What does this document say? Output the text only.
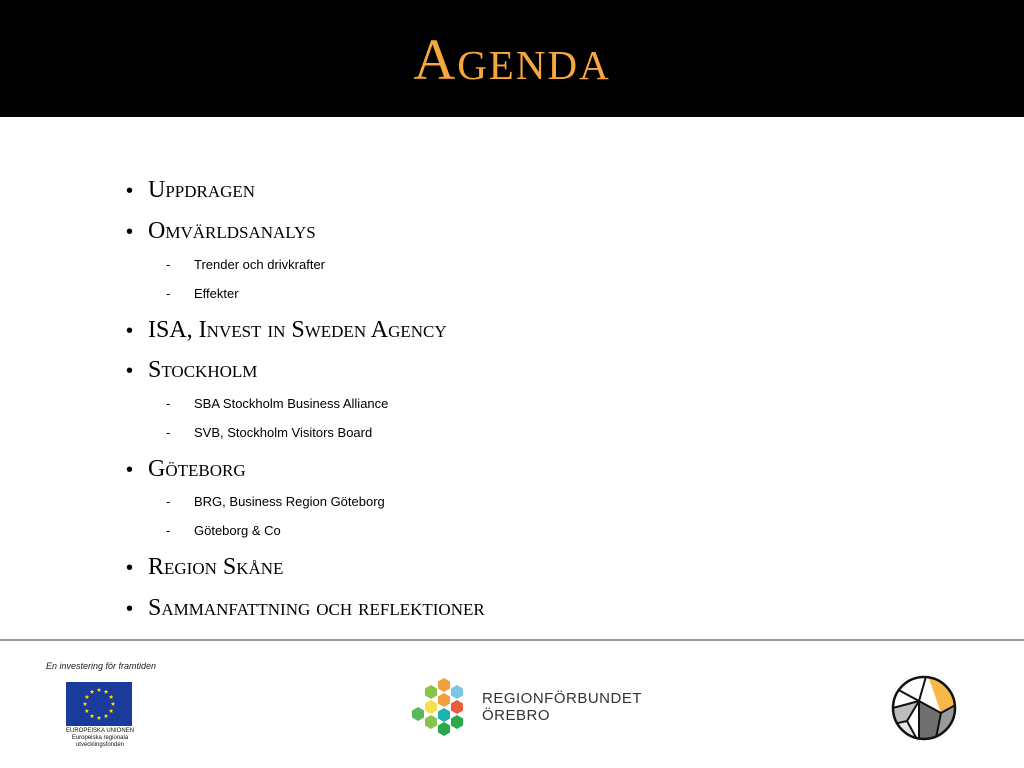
Agenda
• Uppdragen
• Omvärldsanalys
- Trender och drivkrafter
- Effekter
• ISA, Invest in Sweden Agency
• Stockholm
- SBA Stockholm Business Alliance
- SVB, Stockholm Visitors Board
• Göteborg
- BRG, Business Region Göteborg
- Göteborg & Co
• Region Skåne
• Sammanfattning och reflektioner
En investering för framtiden
EUROPEISKA UNIONEN
Europeiska regionala
utvecklingsfonden
REGIONFÖRBUNDET
ÖREBRO
